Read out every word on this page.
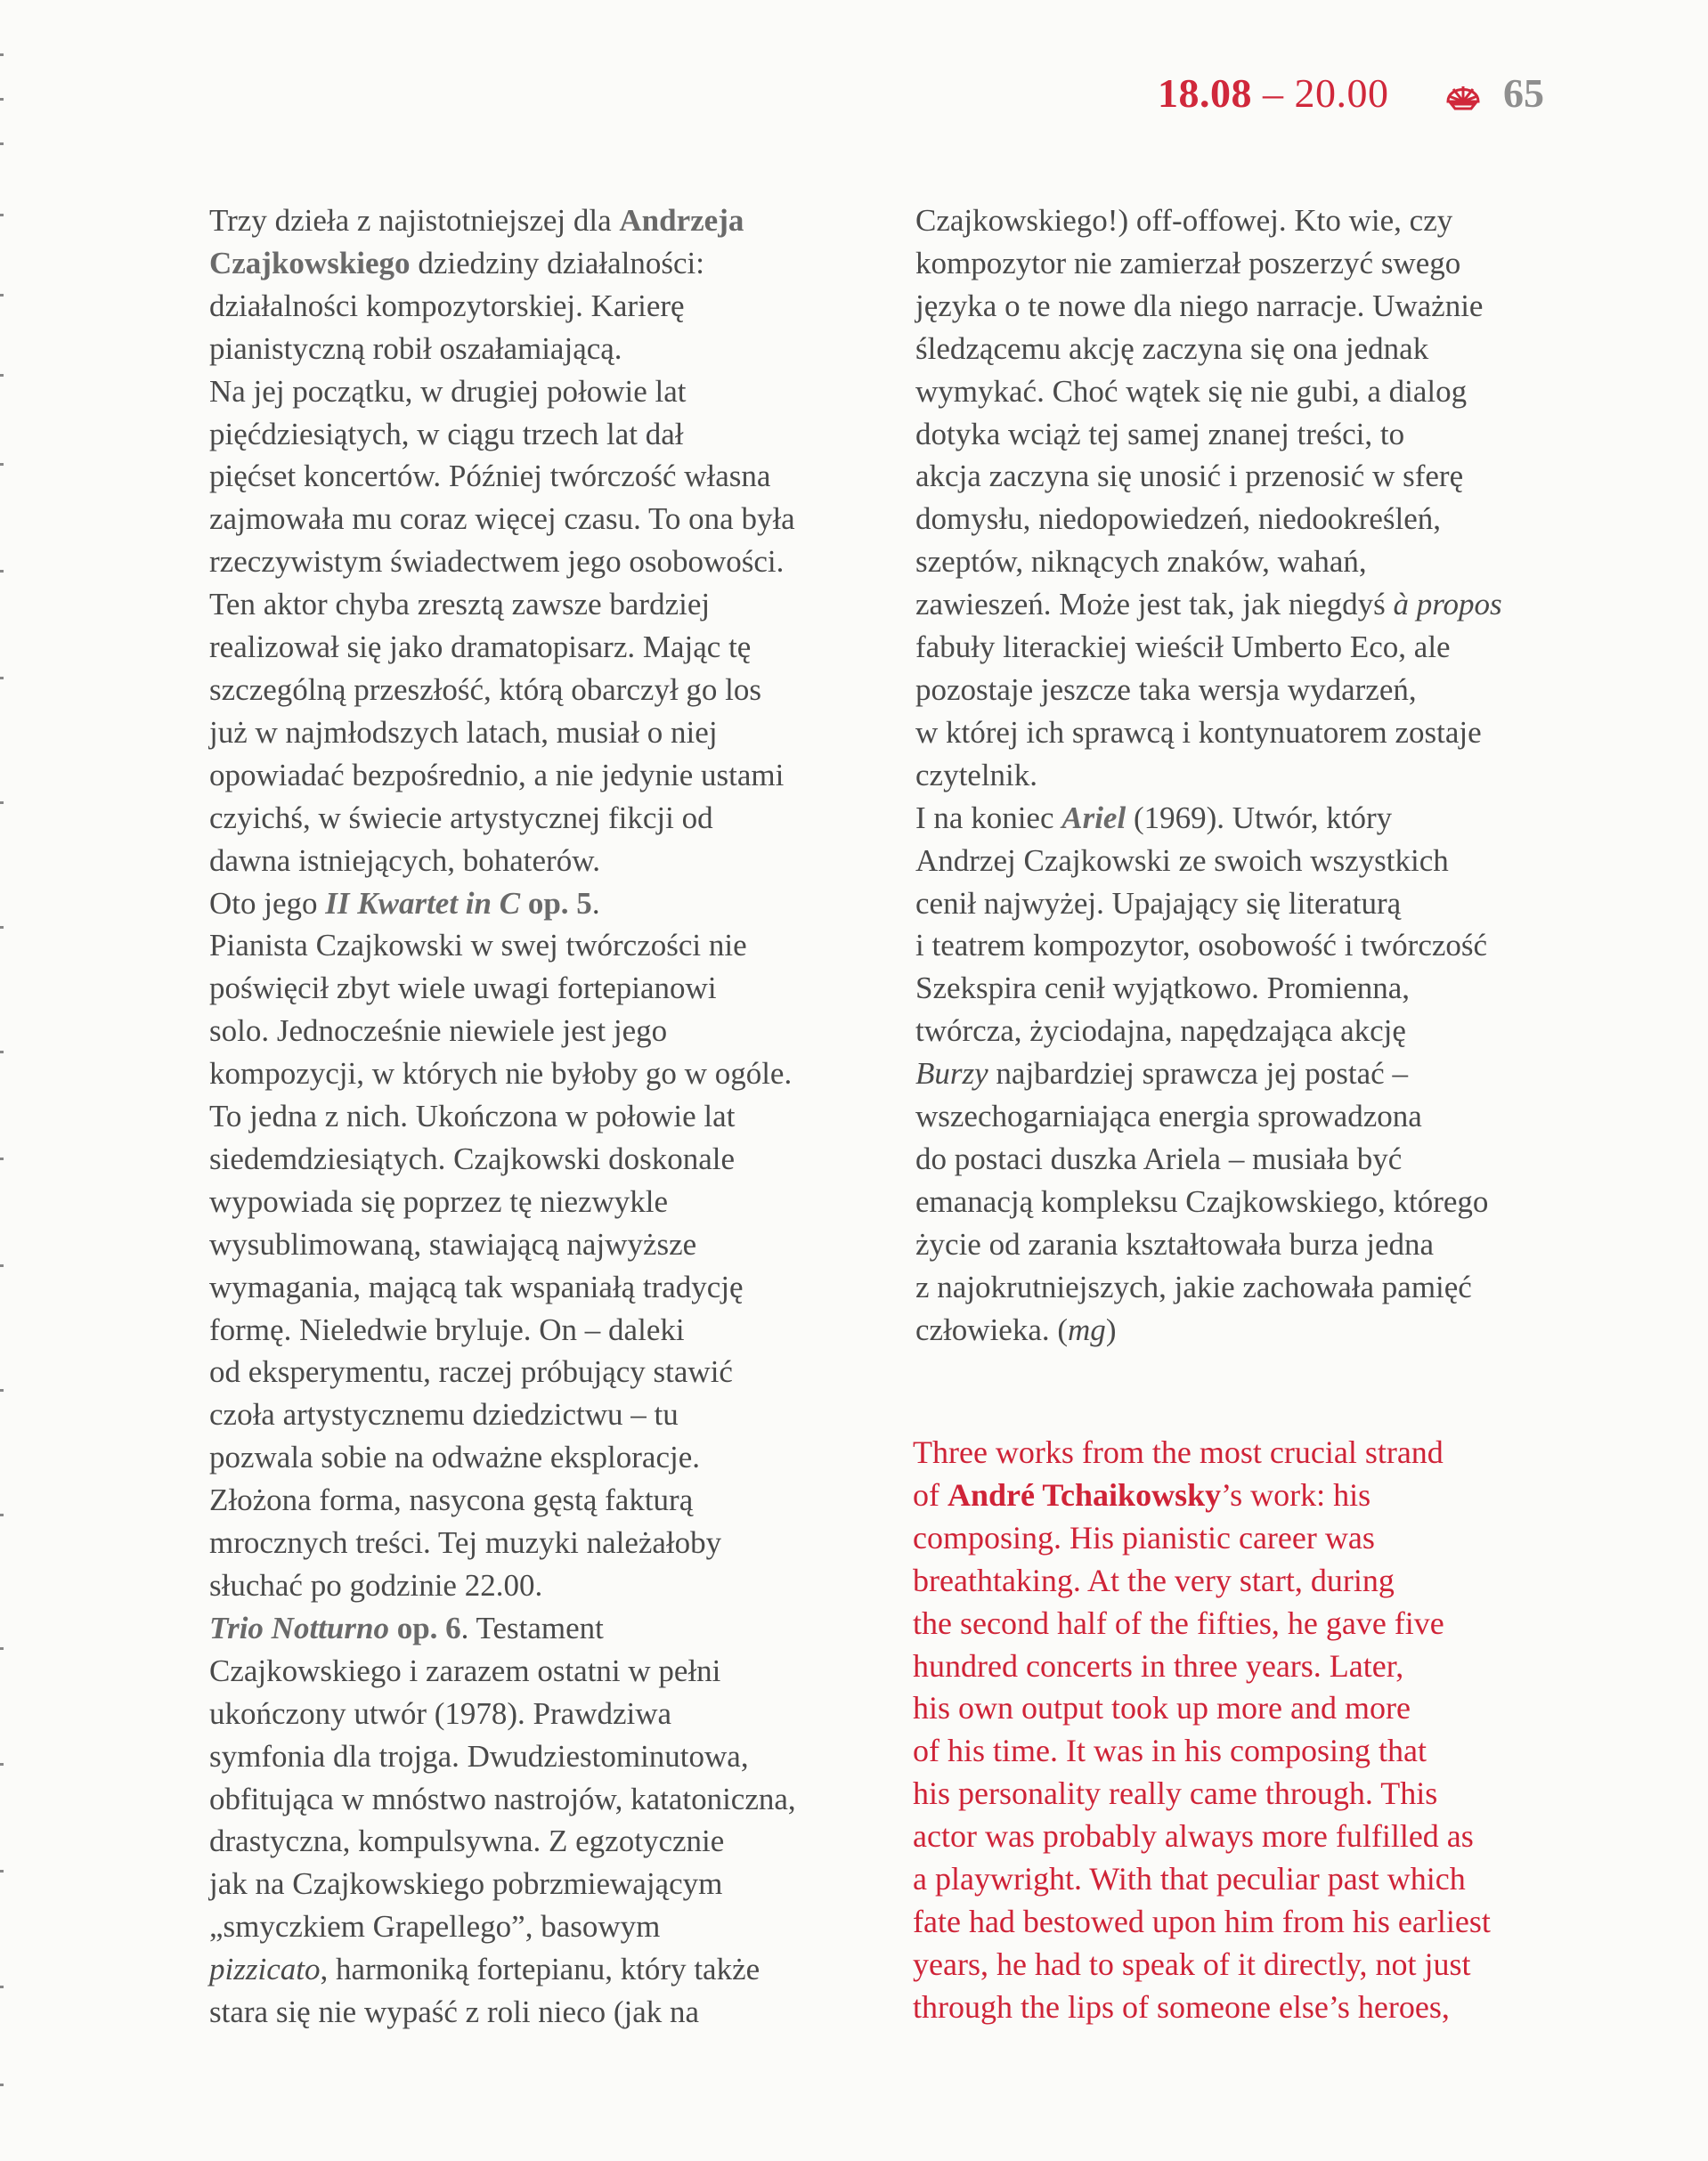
18.08 – 20.00	65
Trzy dzieła z najistotniejszej dla Andrzeja
Czajkowskiego dziedziny działalności:
działalności kompozytorskiej. Karierę
pianistyczną robił oszałamiającą.
Na jej początku, w drugiej połowie lat
pięćdziesiątych, w ciągu trzech lat dał
pięćset koncertów. Później twórczość własna
zajmowała mu coraz więcej czasu. To ona była
rzeczywistym świadectwem jego osobowości.
Ten aktor chyba zresztą zawsze bardziej
realizował się jako dramatopisarz. Mając tę
szczególną przeszłość, którą obarczył go los
już w najmłodszych latach, musiał o niej
opowiadać bezpośrednio, a nie jedynie ustami
czyichś, w świecie artystycznej fikcji od
dawna istniejących, bohaterów.
Oto jego II Kwartet in C op. 5.
Pianista Czajkowski w swej twórczości nie
poświęcił zbyt wiele uwagi fortepianowi
solo. Jednocześnie niewiele jest jego
kompozycji, w których nie byłoby go w ogóle.
To jedna z nich. Ukończona w połowie lat
siedemdziesiątych. Czajkowski doskonale
wypowiada się poprzez tę niezwykle
wysublimowaną, stawiającą najwyższe
wymagania, mającą tak wspaniałą tradycję
formę. Nieledwie bryluje. On – daleki
od eksperymentu, raczej próbujący stawić
czoła artystycznemu dziedzictwu – tu
pozwala sobie na odważne eksploracje.
Złożona forma, nasycona gęstą fakturą
mrocznych treści. Tej muzyki należałoby
słuchać po godzinie 22.00.
Trio Notturno op. 6. Testament
Czajkowskiego i zarazem ostatni w pełni
ukończony utwór (1978). Prawdziwa
symfonia dla trojga. Dwudziestominutowa,
obfitująca w mnóstwo nastrojów, katatoniczna,
drastyczna, kompulsywna. Z egzotycznie
jak na Czajkowskiego pobrzmiewającym
„smyczkiem Grapellego”, basowym
pizzicato, harmoniką fortepianu, który także
stara się nie wypaść z roli nieco (jak na
Czajkowskiego!) off-offowej. Kto wie, czy
kompozytor nie zamierzał poszerzyć swego
języka o te nowe dla niego narracje. Uważnie
śledzącemu akcję zaczyna się ona jednak
wymykać. Choć wątek się nie gubi, a dialog
dotyka wciąż tej samej znanej treści, to
akcja zaczyna się unosić i przenosić w sferę
domysłu, niedopowiedzeń, niedookreśleń,
szeptów, niknących znaków, wahań,
zawieszeń. Może jest tak, jak niegdyś à propos
fabuły literackiej wieścił Umberto Eco, ale
pozostaje jeszcze taka wersja wydarzeń,
w której ich sprawcą i kontynuatorem zostaje
czytelnik.
I na koniec Ariel (1969). Utwór, który
Andrzej Czajkowski ze swoich wszystkich
cenił najwyżej. Upajający się literaturą
i teatrem kompozytor, osobowość i twórczość
Szekspira cenił wyjątkowo. Promienna,
twórcza, życiodajna, napędzająca akcję
Burzy najbardziej sprawcza jej postać –
wszechogarniająca energia sprowadzona
do postaci duszka Ariela – musiała być
emanacją kompleksu Czajkowskiego, którego
życie od zarania kształtowała burza jedna
z najokrutniejszych, jakie zachowała pamięć
człowieka. (mg)
Three works from the most crucial strand
of André Tchaikowsky’s work: his
composing. His pianistic career was
breathtaking. At the very start, during
the second half of the fifties, he gave five
hundred concerts in three years. Later,
his own output took up more and more
of his time. It was in his composing that
his personality really came through. This
actor was probably always more fulfilled as
a playwright. With that peculiar past which
fate had bestowed upon him from his earliest
years, he had to speak of it directly, not just
through the lips of someone else’s heroes,
